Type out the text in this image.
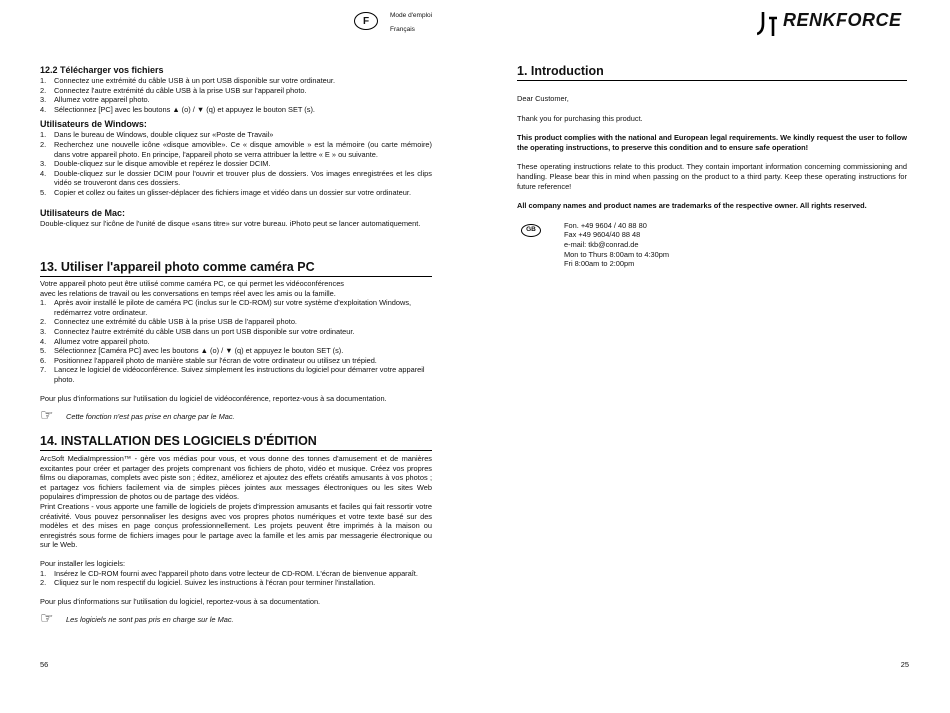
F	Mode d'emploi
Français	RENKFORCE
12.2 Télécharger vos fichiers
1. Connectez une extrémité du câble USB à un port USB disponible sur votre ordinateur.
2. Connectez l'autre extrémité du câble USB à la prise USB sur l'appareil photo.
3. Allumez votre appareil photo.
4. Sélectionnez [PC] avec les boutons ▲ (o) / ▼ (q) et appuyez le bouton SET (s).
Utilisateurs de Windows:
1. Dans le bureau de Windows, double cliquez sur «Poste de Travail»
2. Recherchez une nouvelle icône «disque amovible». Ce « disque amovible » est la mémoire (ou carte mémoire) dans votre appareil photo. En principe, l'appareil photo se verra attribuer la lettre « E » ou suivante.
3. Double-cliquez sur le disque amovible et repérez le dossier DCIM.
4. Double-cliquez sur le dossier DCIM pour l'ouvrir et trouver plus de dossiers. Vos images enregistrées et les clips vidéo se trouveront dans ces dossiers.
5. Copier et collez ou faites un glisser-déplacer des fichiers image et vidéo dans un dossier sur votre ordinateur.
Utilisateurs de Mac:

Double-cliquez sur l'icône de l'unité de disque «sans titre» sur votre bureau. iPhoto peut se lancer automatiquement.

13. Utiliser l'appareil photo comme caméra PC

Votre appareil photo peut être utilisé comme caméra PC, ce qui permet les vidéoconférences

avec les relations de travail ou les conversations en temps réel avec les amis ou la famille.

1. Après avoir installé le pilote de caméra PC (inclus sur le CD-ROM) sur votre système d'exploitation Windows, redémarrez votre ordinateur.
2. Connectez une extrémité du câble USB à la prise USB de l'appareil photo.
3. Connectez l'autre extrémité du câble USB dans un port USB disponible sur votre ordinateur.
4. Allumez votre appareil photo.
5. Sélectionnez [Caméra PC] avec les boutons ▲ (o) / ▼ (q) et appuyez le bouton SET (s).
6. Positionnez l'appareil photo de manière stable sur l'écran de votre ordinateur ou utilisez un trépied.
7. Lancez le logiciel de vidéoconférence. Suivez simplement les instructions du logiciel pour démarrer votre appareil photo.

Pour plus d'informations sur l'utilisation du logiciel de vidéoconférence, reportez-vous à sa documentation.

☞	Cette fonction n'est pas prise en charge par le Mac.
14. INSTALLATION DES LOGICIELS D'ÉDITION

ArcSoft MediaImpression™ - gère vos médias pour vous, et vous donne des tonnes d'amusement et de manières excitantes pour créer et partager des projets comprenant vos fichiers de photo, vidéo et musique. Créez vos propres films ou diaporamas, complets avec piste son ; éditez, améliorez et ajoutez des effets créatifs amusants à vos photos ; et partagez vos fichiers facilement via de simples pièces jointes aux messages électroniques ou les sites Web populaires d'impression de photos ou de partage des vidéos.

Print Creations - vous apporte une famille de logiciels de projets d'impression amusants et faciles qui fait ressortir votre créativité. Vous pouvez personnaliser les designs avec vos propres photos numériques et votre texte basé sur des modèles et des mises en page conçus professionnellement. Les projets peuvent être imprimés à la maison ou enregistrés sous forme de fichiers images pour le partage avec la famille et les amis par messagerie électronique ou sur le Web.

Pour installer les logiciels:

1. Insérez le CD-ROM fourni avec l'appareil photo dans votre lecteur de CD-ROM. L'écran de bienvenue apparaît.
2. Cliquez sur le nom respectif du logiciel. Suivez les instructions à l'écran pour terminer l'installation.

Pour plus d'informations sur l'utilisation du logiciel, reportez-vous à sa documentation.

☞	Les logiciels ne sont pas pris en charge sur le Mac.
56
1. Introduction

Dear Customer,

Thank you for purchasing this product.

This product complies with the national and European legal requirements. We kindly request the user to follow the operating instructions, to preserve this condition and to ensure safe operation!

These operating instructions relate to this product. They contain important information concerning commissioning and handling. Please bear this in mind when passing on the product to a third party. Keep these operating instructions for future reference!

All company names and product names are trademarks of the respective owner. All rights reserved.

GB
Fon. +49 9604 / 40 88 80
Fax +49 9604/40 88 48
e-mail: tkb@conrad.de
Mon to Thurs 8:00am to 4:30pm
Fri 8:00am to 2:00pm
25
